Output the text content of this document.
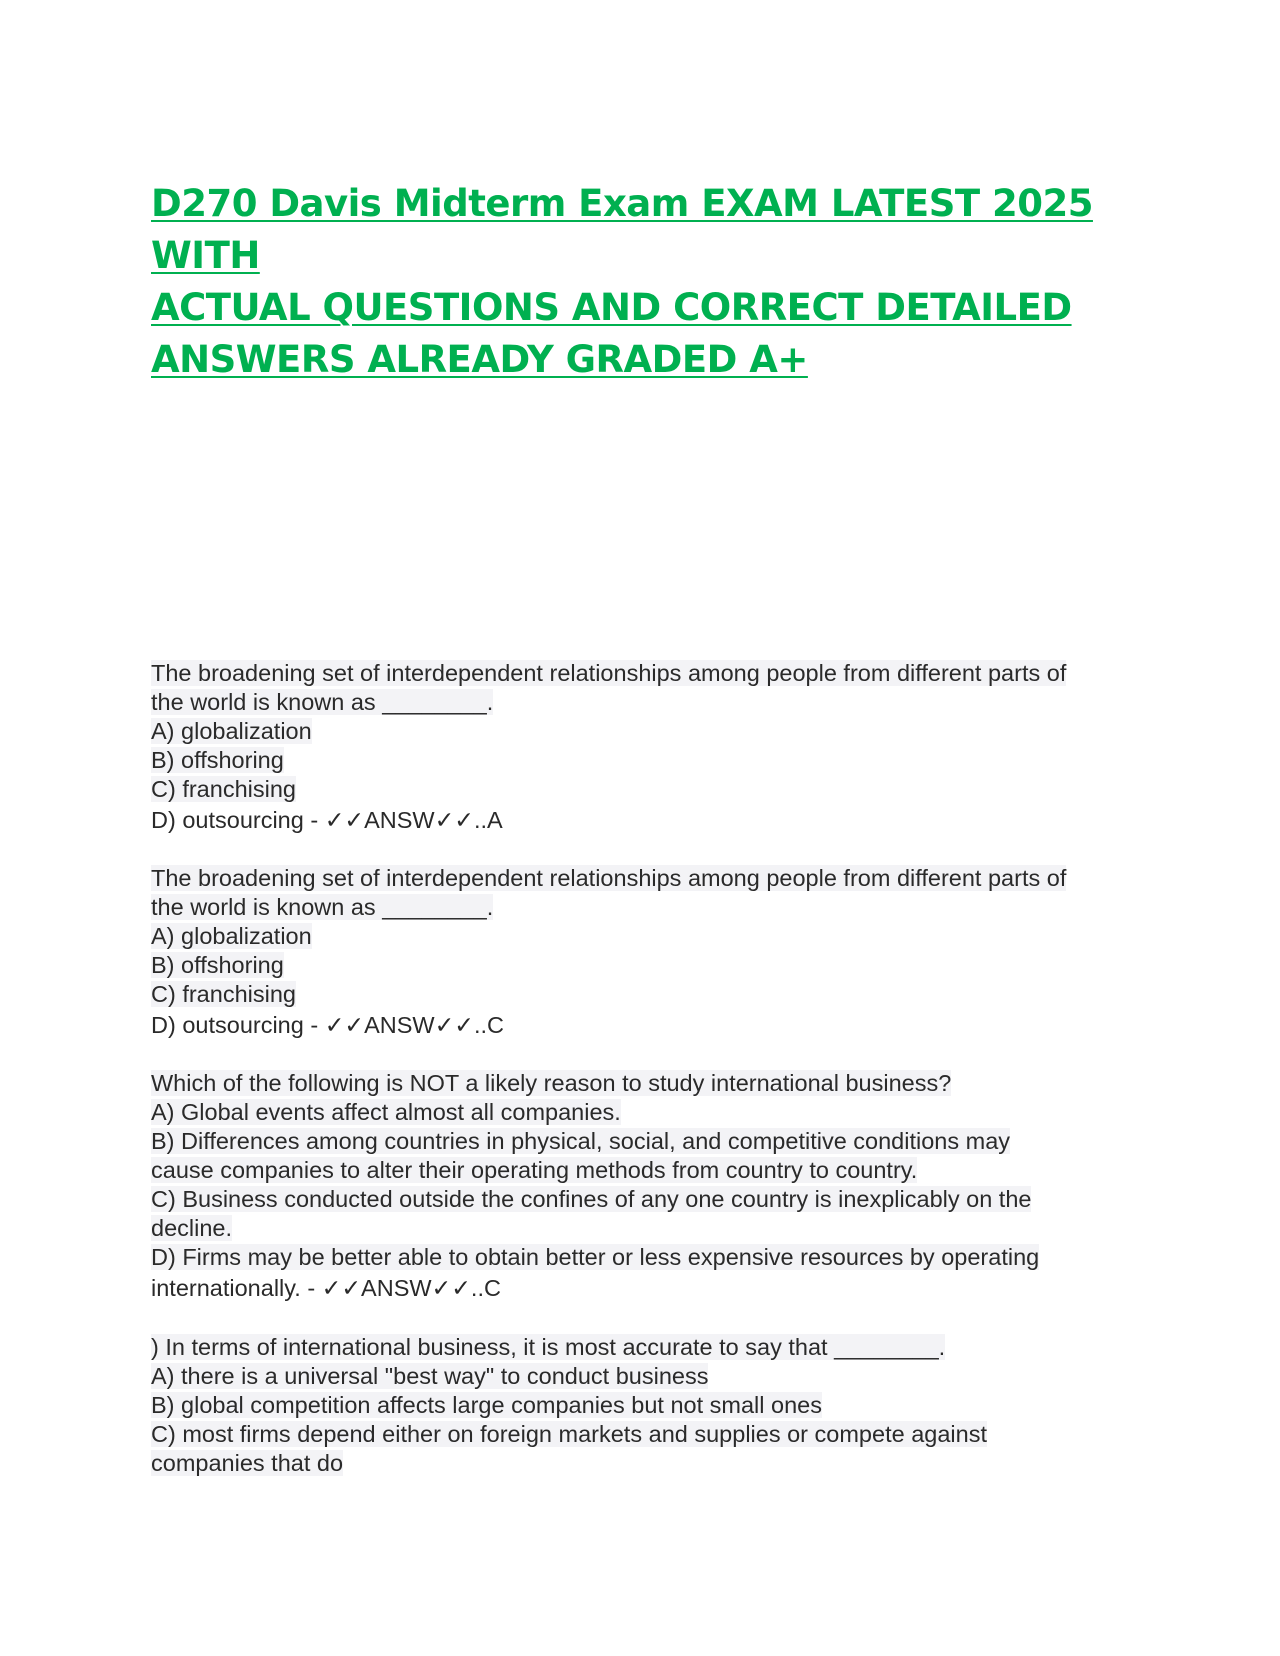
D270 Davis Midterm Exam EXAM LATEST 2025 WITH
ACTUAL QUESTIONS AND CORRECT DETAILED
ANSWERS ALREADY GRADED A+
The broadening set of interdependent relationships among people from different parts of
the world is known as ________.
A) globalization
B) offshoring
C) franchising
D) outsourcing - ✓✓ANSW✓✓..A
The broadening set of interdependent relationships among people from different parts of
the world is known as ________.
A) globalization
B) offshoring
C) franchising
D) outsourcing - ✓✓ANSW✓✓..C
Which of the following is NOT a likely reason to study international business?
A) Global events affect almost all companies.
B) Differences among countries in physical, social, and competitive conditions may
cause companies to alter their operating methods from country to country.
C) Business conducted outside the confines of any one country is inexplicably on the
decline.
D) Firms may be better able to obtain better or less expensive resources by operating
internationally. - ✓✓ANSW✓✓..C
) In terms of international business, it is most accurate to say that ________.
A) there is a universal "best way" to conduct business
B) global competition affects large companies but not small ones
C) most firms depend either on foreign markets and supplies or compete against
companies that do
